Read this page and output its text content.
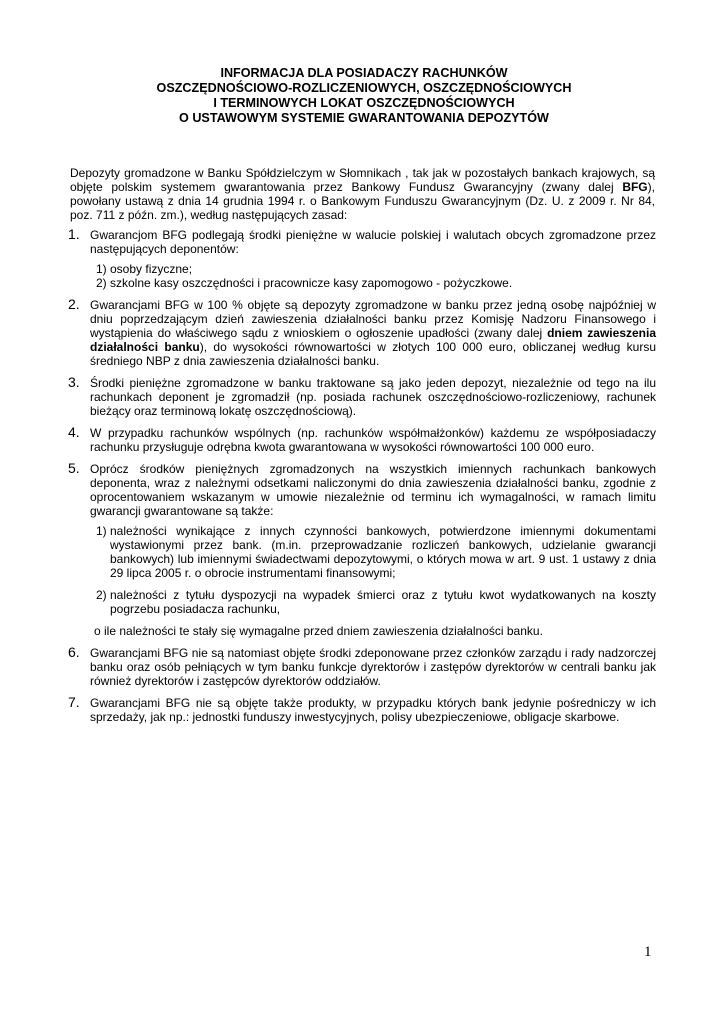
INFORMACJA DLA POSIADACZY RACHUNKÓW
OSZCZĘDNOŚCIOWO-ROZLICZENIOWYCH, OSZCZĘDNOŚCIOWYCH
I TERMINOWYCH LOKAT OSZCZĘDNOŚCIOWYCH
O USTAWOWYM SYSTEMIE GWARANTOWANIA DEPOZYTÓW
Depozyty gromadzone w Banku Spółdzielczym w Słomnikach , tak jak w pozostałych bankach krajowych, są objęte polskim systemem gwarantowania przez Bankowy Fundusz Gwarancyjny (zwany dalej BFG), powołany ustawą z dnia 14 grudnia 1994 r. o Bankowym Funduszu Gwarancyjnym (Dz. U. z 2009 r. Nr 84, poz. 711 z późn. zm.), według następujących zasad:
1. Gwarancjom BFG podlegają środki pieniężne w walucie polskiej i walutach obcych zgromadzone przez następujących deponentów:
1) osoby fizyczne;
2) szkolne kasy oszczędności i pracownicze kasy zapomogowo - pożyczkowe.
2. Gwarancjami BFG w 100 % objęte są depozyty zgromadzone w banku przez jedną osobę najpóźniej w dniu poprzedzającym dzień zawieszenia działalności banku przez Komisję Nadzoru Finansowego i wystąpienia do właściwego sądu z wnioskiem o ogłoszenie upadłości (zwany dalej dniem zawieszenia działalności banku), do wysokości równowartości w złotych 100 000 euro, obliczanej według kursu średniego NBP z dnia zawieszenia działalności banku.
3. Środki pieniężne zgromadzone w banku traktowane są jako jeden depozyt, niezależnie od tego na ilu rachunkach deponent je zgromadził (np. posiada rachunek oszczędnościowo-rozliczeniowy, rachunek bieżący oraz terminową lokatę oszczędnościową).
4. W przypadku rachunków wspólnych (np. rachunków współmałżonków) każdemu ze współposiadaczy rachunku przysługuje odrębna kwota gwarantowana w wysokości równowartości 100 000 euro.
5. Oprócz środków pieniężnych zgromadzonych na wszystkich imiennych rachunkach bankowych deponenta, wraz z należnymi odsetkami naliczonymi do dnia zawieszenia działalności banku, zgodnie z oprocentowaniem wskazanym w umowie niezależnie od terminu ich wymagalności, w ramach limitu gwarancji gwarantowane są także:
1) należności wynikające z innych czynności bankowych, potwierdzone imiennymi dokumentami wystawionymi przez bank. (m.in. przeprowadzanie rozliczeń bankowych, udzielanie gwarancji bankowych) lub imiennymi świadectwami depozytowymi, o których mowa w art. 9 ust. 1 ustawy z dnia 29 lipca 2005 r. o obrocie instrumentami finansowymi;
2) należności z tytułu dyspozycji na wypadek śmierci oraz z tytułu kwot wydatkowanych na koszty pogrzebu posiadacza rachunku,
o ile należności te stały się wymagalne przed dniem zawieszenia działalności banku.
6. Gwarancjami BFG nie są natomiast objęte środki zdeponowane przez członków zarządu i rady nadzorczej banku oraz osób pełniących w tym banku funkcje dyrektorów i zastępów dyrektorów w centrali banku jak również dyrektorów i zastępców dyrektorów oddziałów.
7. Gwarancjami BFG nie są objęte także produkty, w przypadku których bank jedynie pośredniczy w ich sprzedaży, jak np.: jednostki funduszy inwestycyjnych, polisy ubezpieczeniowe, obligacje skarbowe.
1
